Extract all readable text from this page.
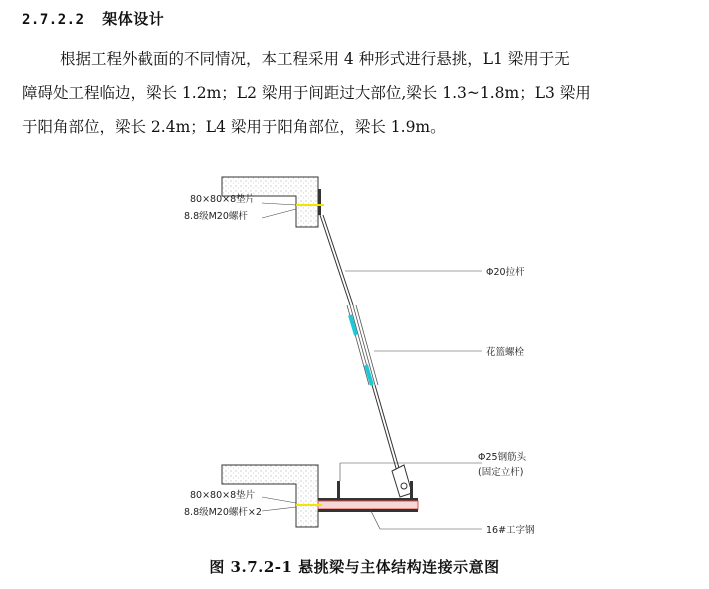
2.7.2.2 架体设计
根据工程外截面的不同情况，本工程采用 4 种形式进行悬挑，L1 梁用于无
障碍处工程临边，梁长 1.2m；L2 梁用于间距过大部位,梁长 1.3~1.8m；L3 梁用
于阳角部位，梁长 2.4m；L4 梁用于阳角部位，梁长 1.9m。
80×80×8垫片
8.8级M20螺杆
Φ20拉杆
花篮螺栓
Φ25钢筋头
(固定立杆)
80×80×8垫片
8.8级M20螺杆×2
16#工字钢
图 3.7.2-1 悬挑梁与主体结构连接示意图
